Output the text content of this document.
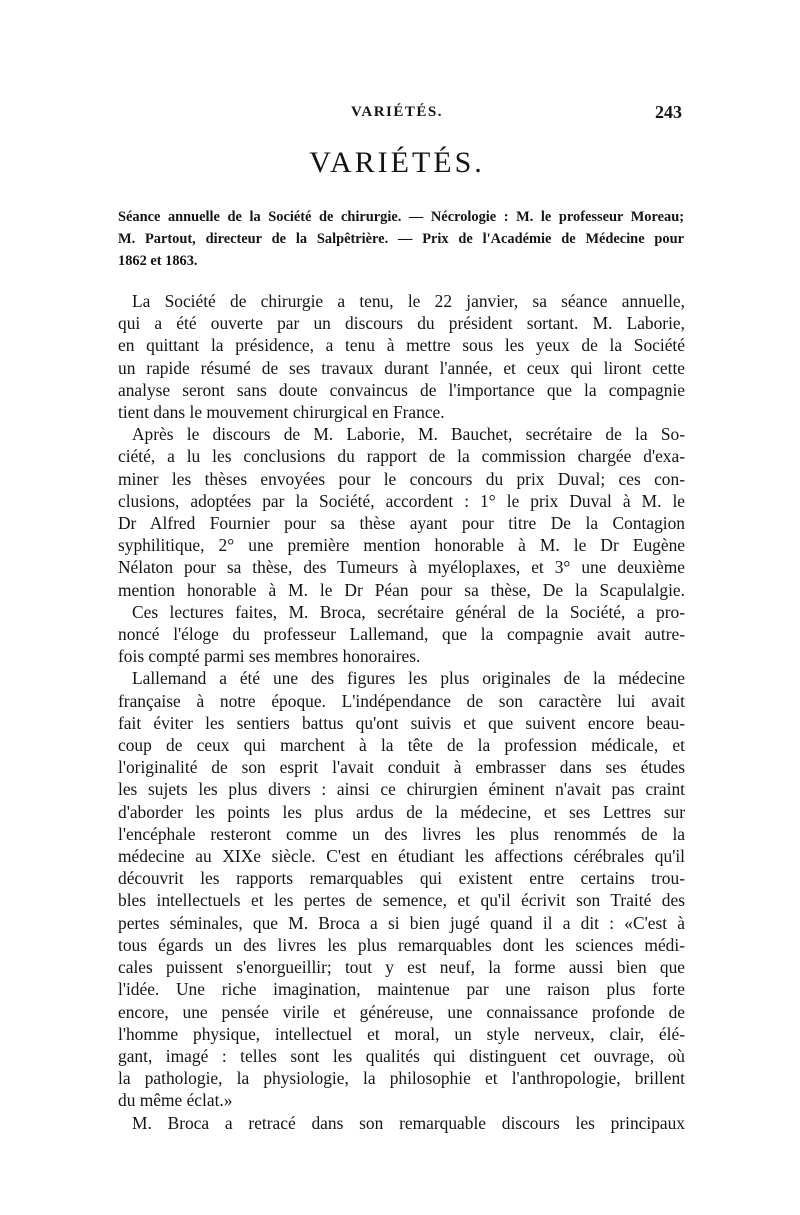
VARIÉTÉS.	243
VARIÉTÉS.
Séance annuelle de la Société de chirurgie. — Nécrologie : M. le professeur Moreau;
M. Partout, directeur de la Salpêtrière. — Prix de l'Académie de Médecine pour
1862 et 1863.
La Société de chirurgie a tenu, le 22 janvier, sa séance annuelle,
qui a été ouverte par un discours du président sortant. M. Laborie,
en quittant la présidence, a tenu à mettre sous les yeux de la Société
un rapide résumé de ses travaux durant l'année, et ceux qui liront cette
analyse seront sans doute convaincus de l'importance que la compagnie
tient dans le mouvement chirurgical en France.
Après le discours de M. Laborie, M. Bauchet, secrétaire de la So-
ciété, a lu les conclusions du rapport de la commission chargée d'exa-
miner les thèses envoyées pour le concours du prix Duval; ces con-
clusions, adoptées par la Société, accordent : 1° le prix Duval à M. le
Dr Alfred Fournier pour sa thèse ayant pour titre De la Contagion
syphilitique, 2° une première mention honorable à M. le Dr Eugène
Nélaton pour sa thèse, des Tumeurs à myéloplaxes, et 3° une deuxième
mention honorable à M. le Dr Péan pour sa thèse, De la Scapulalgie.
Ces lectures faites, M. Broca, secrétaire général de la Société, a pro-
noncé l'éloge du professeur Lallemand, que la compagnie avait autre-
fois compté parmi ses membres honoraires.
Lallemand a été une des figures les plus originales de la médecine
française à notre époque. L'indépendance de son caractère lui avait
fait éviter les sentiers battus qu'ont suivis et que suivent encore beau-
coup de ceux qui marchent à la tête de la profession médicale, et
l'originalité de son esprit l'avait conduit à embrasser dans ses études
les sujets les plus divers : ainsi ce chirurgien éminent n'avait pas craint
d'aborder les points les plus ardus de la médecine, et ses Lettres sur
l'encéphale resteront comme un des livres les plus renommés de la
médecine au XIXe siècle. C'est en étudiant les affections cérébrales qu'il
découvrit les rapports remarquables qui existent entre certains trou-
bles intellectuels et les pertes de semence, et qu'il écrivit son Traité des
pertes séminales, que M. Broca a si bien jugé quand il a dit : «C'est à
tous égards un des livres les plus remarquables dont les sciences médi-
cales puissent s'enorgueillir; tout y est neuf, la forme aussi bien que
l'idée. Une riche imagination, maintenue par une raison plus forte
encore, une pensée virile et généreuse, une connaissance profonde de
l'homme physique, intellectuel et moral, un style nerveux, clair, élé-
gant, imagé : telles sont les qualités qui distinguent cet ouvrage, où
la pathologie, la physiologie, la philosophie et l'anthropologie, brillent
du même éclat.»
M. Broca a retracé dans son remarquable discours les principaux
